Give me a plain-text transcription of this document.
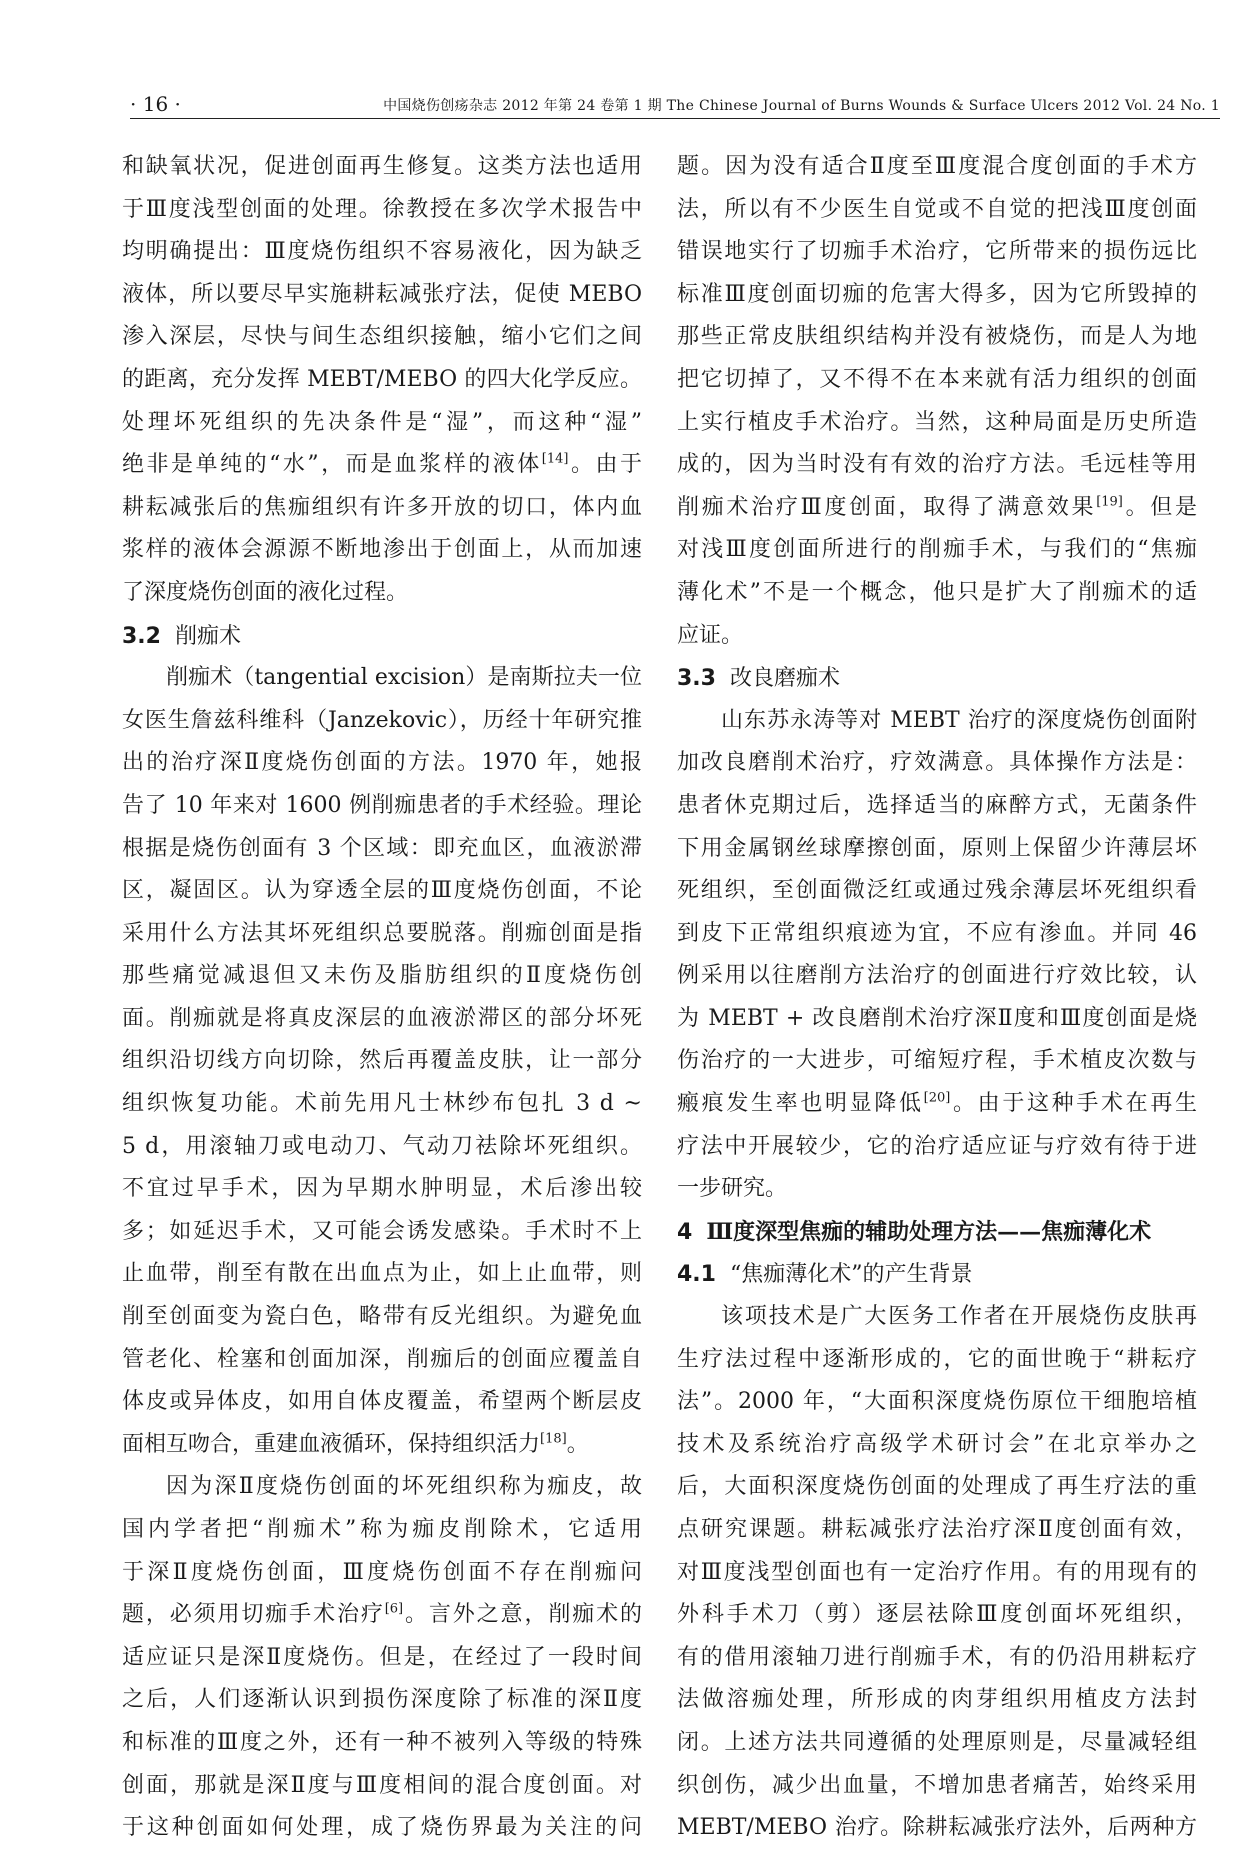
· 16 ·	中国烧伤创疡杂志 2012 年第 24 卷第 1 期 The Chinese Journal of Burns Wounds & Surface Ulcers 2012 Vol. 24 No. 1
和缺氧状况，促进创面再生修复。这类方法也适用
于Ⅲ度浅型创面的处理。徐教授在多次学术报告中
均明确提出：Ⅲ度烧伤组织不容易液化，因为缺乏
液体，所以要尽早实施耕耘减张疗法，促使 MEBO
渗入深层，尽快与间生态组织接触，缩小它们之间
的距离，充分发挥 MEBT/MEBO 的四大化学反应。
处理坏死组织的先决条件是“湿”，而这种“湿”
绝非是单纯的“水”，而是血浆样的液体[14]。由于
耕耘减张后的焦痂组织有许多开放的切口，体内血
浆样的液体会源源不断地渗出于创面上，从而加速
了深度烧伤创面的液化过程。
3.2 削痂术
削痂术（tangential excision）是南斯拉夫一位
女医生詹兹科维科（Janzekovic），历经十年研究推
出的治疗深Ⅱ度烧伤创面的方法。1970 年，她报
告了 10 年来对 1600 例削痂患者的手术经验。理论
根据是烧伤创面有 3 个区域：即充血区，血液淤滞
区，凝固区。认为穿透全层的Ⅲ度烧伤创面，不论
采用什么方法其坏死组织总要脱落。削痂创面是指
那些痛觉减退但又未伤及脂肪组织的Ⅱ度烧伤创
面。削痂就是将真皮深层的血液淤滞区的部分坏死
组织沿切线方向切除，然后再覆盖皮肤，让一部分
组织恢复功能。术前先用凡士林纱布包扎 3 d ~
5 d，用滚轴刀或电动刀、气动刀祛除坏死组织。
不宜过早手术，因为早期水肿明显，术后渗出较
多；如延迟手术，又可能会诱发感染。手术时不上
止血带，削至有散在出血点为止，如上止血带，则
削至创面变为瓷白色，略带有反光组织。为避免血
管老化、栓塞和创面加深，削痂后的创面应覆盖自
体皮或异体皮，如用自体皮覆盖，希望两个断层皮
面相互吻合，重建血液循环，保持组织活力[18]。
因为深Ⅱ度烧伤创面的坏死组织称为痂皮，故
国内学者把“削痂术”称为痂皮削除术，它适用
于深Ⅱ度烧伤创面，Ⅲ度烧伤创面不存在削痂问
题，必须用切痂手术治疗[6]。言外之意，削痂术的
适应证只是深Ⅱ度烧伤。但是，在经过了一段时间
之后，人们逐渐认识到损伤深度除了标准的深Ⅱ度
和标准的Ⅲ度之外，还有一种不被列入等级的特殊
创面，那就是深Ⅱ度与Ⅲ度相间的混合度创面。对
于这种创面如何处理，成了烧伤界最为关注的问
题。因为没有适合Ⅱ度至Ⅲ度混合度创面的手术方
法，所以有不少医生自觉或不自觉的把浅Ⅲ度创面
错误地实行了切痂手术治疗，它所带来的损伤远比
标准Ⅲ度创面切痂的危害大得多，因为它所毁掉的
那些正常皮肤组织结构并没有被烧伤，而是人为地
把它切掉了，又不得不在本来就有活力组织的创面
上实行植皮手术治疗。当然，这种局面是历史所造
成的，因为当时没有有效的治疗方法。毛远桂等用
削痂术治疗Ⅲ度创面，取得了满意效果[19]。但是
对浅Ⅲ度创面所进行的削痂手术，与我们的“焦痂
薄化术”不是一个概念，他只是扩大了削痂术的适
应证。
3.3 改良磨痂术
山东苏永涛等对 MEBT 治疗的深度烧伤创面附
加改良磨削术治疗，疗效满意。具体操作方法是：
患者休克期过后，选择适当的麻醉方式，无菌条件
下用金属钢丝球摩擦创面，原则上保留少许薄层坏
死组织，至创面微泛红或通过残余薄层坏死组织看
到皮下正常组织痕迹为宜，不应有渗血。并同 46
例采用以往磨削方法治疗的创面进行疗效比较，认
为 MEBT + 改良磨削术治疗深Ⅱ度和Ⅲ度创面是烧
伤治疗的一大进步，可缩短疗程，手术植皮次数与
瘢痕发生率也明显降低[20]。由于这种手术在再生
疗法中开展较少，它的治疗适应证与疗效有待于进
一步研究。
4 Ⅲ度深型焦痂的辅助处理方法——焦痂薄化术
4.1 “焦痂薄化术”的产生背景
该项技术是广大医务工作者在开展烧伤皮肤再
生疗法过程中逐渐形成的，它的面世晚于“耕耘疗
法”。2000 年，“大面积深度烧伤原位干细胞培植
技术及系统治疗高级学术研讨会”在北京举办之
后，大面积深度烧伤创面的处理成了再生疗法的重
点研究课题。耕耘减张疗法治疗深Ⅱ度创面有效，
对Ⅲ度浅型创面也有一定治疗作用。有的用现有的
外科手术刀（剪）逐层祛除Ⅲ度创面坏死组织，
有的借用滚轴刀进行削痂手术，有的仍沿用耕耘疗
法做溶痂处理，所形成的肉芽组织用植皮方法封
闭。上述方法共同遵循的处理原则是，尽量减轻组
织创伤，减少出血量，不增加患者痛苦，始终采用
MEBT/MEBO 治疗。除耕耘减张疗法外，后两种方
